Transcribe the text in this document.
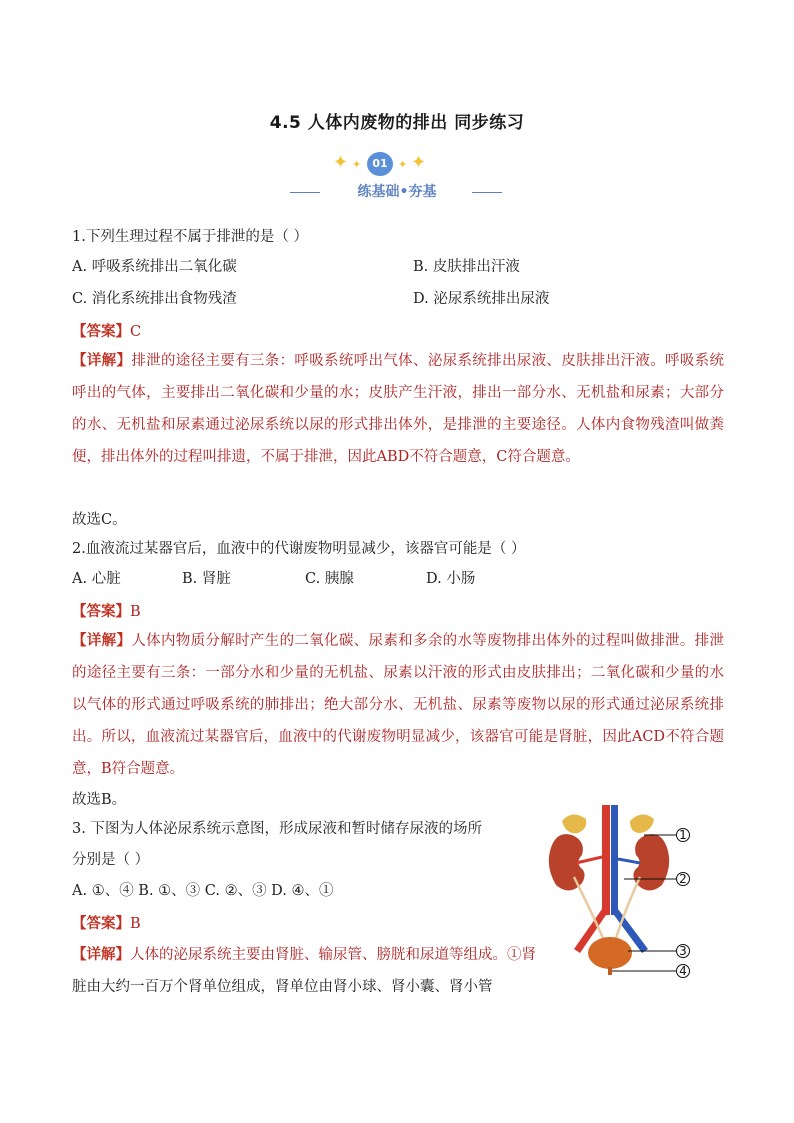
4.5 人体内废物的排出 同步练习
✦ ✦	01 ✦ ✦
练基础•夯基
1.下列生理过程不属于排泄的是（ ）
A. 呼吸系统排出二氧化碳	B. 皮肤排出汗液
C. 消化系统排出食物残渣	D. 泌尿系统排出尿液
【答案】C
【详解】排泄的途径主要有三条：呼吸系统呼出气体、泌尿系统排出尿液、皮肤排出汗液。呼吸系统呼出的气体，主要排出二氧化碳和少量的水；皮肤产生汗液，排出一部分水、无机盐和尿素；大部分的水、无机盐和尿素通过泌尿系统以尿的形式排出体外，是排泄的主要途径。人体内食物残渣叫做粪便，排出体外的过程叫排遗，不属于排泄，因此ABD不符合题意，C符合题意。
故选C。
2.血液流过某器官后，血液中的代谢废物明显减少，该器官可能是（ ）
A. 心脏	B. 肾脏	C. 胰腺	D. 小肠
【答案】B
【详解】人体内物质分解时产生的二氧化碳、尿素和多余的水等废物排出体外的过程叫做排泄。排泄的途径主要有三条：一部分水和少量的无机盐、尿素以汗液的形式由皮肤排出；二氧化碳和少量的水以气体的形式通过呼吸系统的肺排出；绝大部分水、无机盐、尿素等废物以尿的形式通过泌尿系统排出。所以，血液流过某器官后，血液中的代谢废物明显减少，该器官可能是肾脏，因此ACD不符合题意，B符合题意。
故选B。
3. 下图为人体泌尿系统示意图，形成尿液和暂时储存尿液的场所
分别是（ ）
A. ①、④ B. ①、③ C. ②、③ D. ④、①
【答案】B
【详解】人体的泌尿系统主要由肾脏、输尿管、膀胱和尿道等组成。①肾
脏由大约一百万个肾单位组成，肾单位由肾小球、肾小囊、肾小管
1
2
3
4
